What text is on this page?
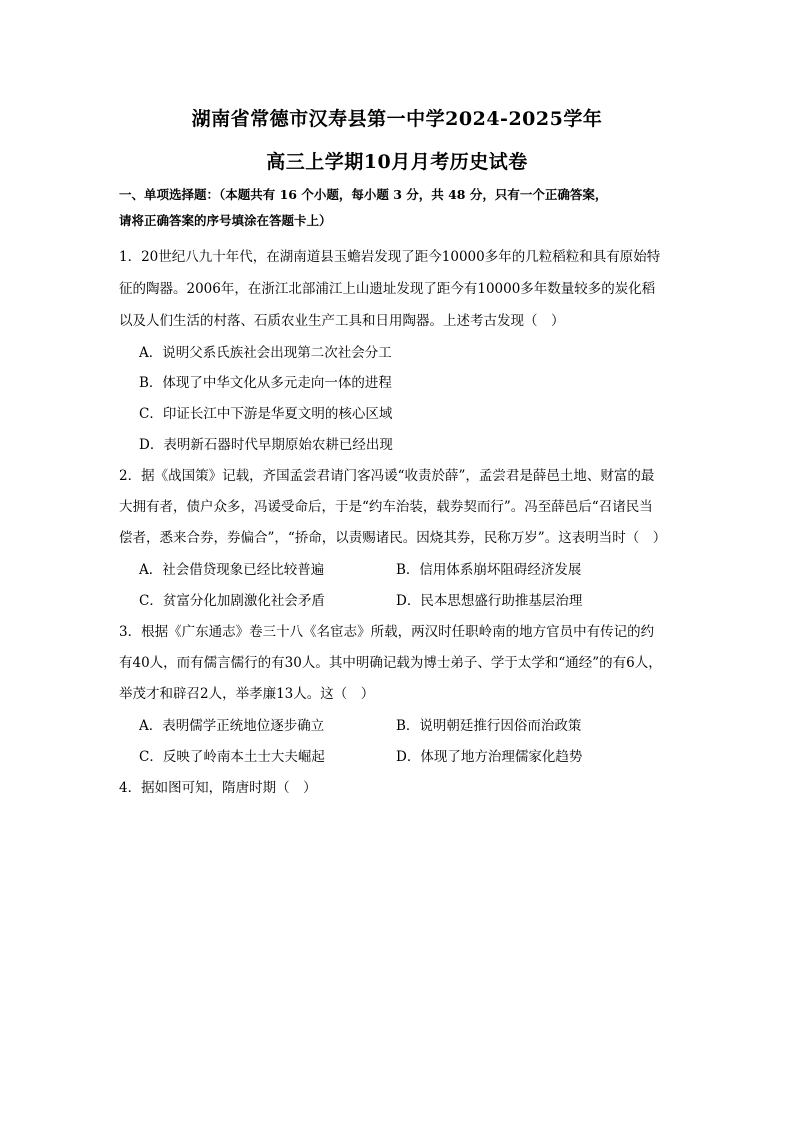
湖南省常德市汉寿县第一中学2024-2025学年
高三上学期10月月考历史试卷
一、单项选择题：（本题共有 16 个小题，每小题 3 分，共 48 分，只有一个正确答案，
请将正确答案的序号填涂在答题卡上）
1．20世纪八九十年代，在湖南道县玉蟾岩发现了距今10000多年的几粒稻粒和具有原始特
征的陶器。2006年，在浙江北部浦江上山遗址发现了距今有10000多年数量较多的炭化稻
以及人们生活的村落、石质农业生产工具和日用陶器。上述考古发现（　）
A．说明父系氏族社会出现第二次社会分工
B．体现了中华文化从多元走向一体的进程
C．印证长江中下游是华夏文明的核心区域
D．表明新石器时代早期原始农耕已经出现
2．据《战国策》记载，齐国孟尝君请门客冯谖“收责於薛”，孟尝君是薛邑土地、财富的最
大拥有者，债户众多，冯谖受命后，于是“约车治装，载券契而行”。冯至薛邑后“召诸民当
偿者，悉来合券，券偏合”，“挢命，以责赐诸民。因烧其券，民称万岁”。这表明当时（　）
A．社会借贷现象已经比较普遍	B．信用体系崩坏阻碍经济发展
C．贫富分化加剧激化社会矛盾	D．民本思想盛行助推基层治理
3．根据《广东通志》卷三十八《名宦志》所载，两汉时任职岭南的地方官员中有传记的约
有40人，而有儒言儒行的有30人。其中明确记载为博士弟子、学于太学和“通经”的有6人，
举茂才和辟召2人，举孝廉13人。这（　）
A．表明儒学正统地位逐步确立	B．说明朝廷推行因俗而治政策
C．反映了岭南本土士大夫崛起	D．体现了地方治理儒家化趋势
4．据如图可知，隋唐时期（　）
